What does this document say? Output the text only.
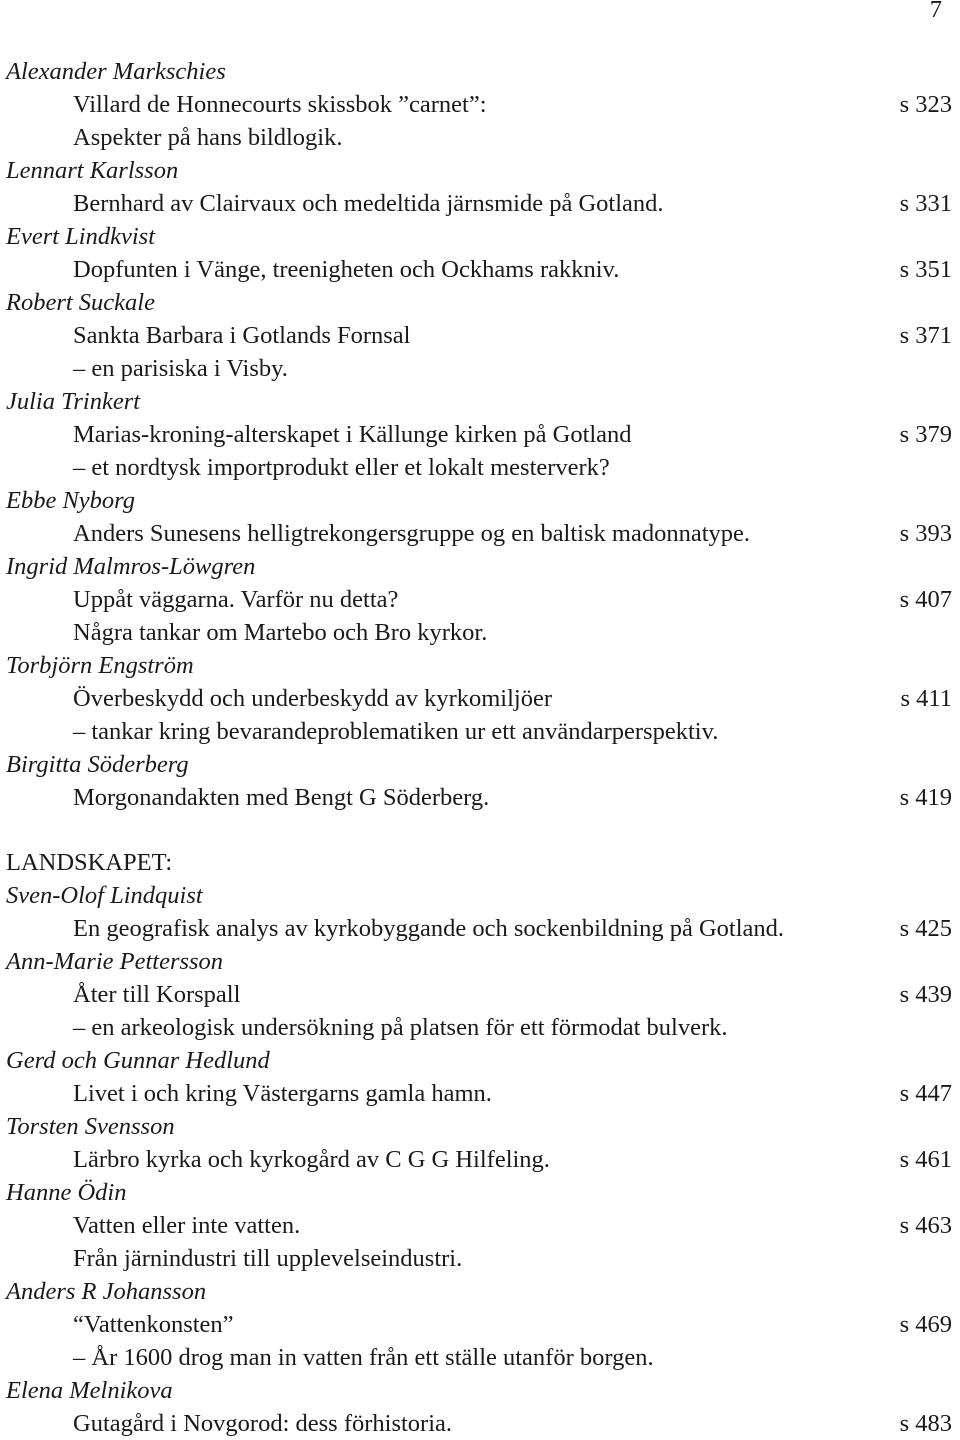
7
Alexander Markschies
Villard de Honnecourts skissbok ”carnet”:	s 323
Aspekter på hans bildlogik.
Lennart Karlsson
Bernhard av Clairvaux och medeltida järnsmide på Gotland.	s 331
Evert Lindkvist
Dopfunten i Vänge, treenigheten och Ockhams rakkniv.	s 351
Robert Suckale
Sankta Barbara i Gotlands Fornsal	s 371
– en parisiska i Visby.
Julia Trinkert
Marias-kroning-alterskapet i Källunge kirken på Gotland	s 379
– et nordtysk importprodukt eller et lokalt mesterverk?
Ebbe Nyborg
Anders Sunesens helligtrekongersgruppe og en baltisk madonnatype.	s 393
Ingrid Malmros-Löwgren
Uppåt väggarna. Varför nu detta?	s 407
Några tankar om Martebo och Bro kyrkor.
Torbjörn Engström
Överbeskydd och underbeskydd av kyrkomiljöer	s 411
– tankar kring bevarandeproblematiken ur ett användarperspektiv.
Birgitta Söderberg
Morgonandakten med Bengt G Söderberg.	s 419
LANDSKAPET:
Sven-Olof Lindquist
En geografisk analys av kyrkobyggande och sockenbildning på Gotland.	s 425
Ann-Marie Pettersson
Åter till Korspall	s 439
– en arkeologisk undersökning på platsen för ett förmodat bulverk.
Gerd och Gunnar Hedlund
Livet i och kring Västergarns gamla hamn.	s 447
Torsten Svensson
Lärbro kyrka och kyrkogård av C G G Hilfeling.	s 461
Hanne Ödin
Vatten eller inte vatten.	s 463
Från järnindustri till upplevelseindustri.
Anders R Johansson
“Vattenkonsten”	s 469
– År 1600 drog man in vatten från ett ställe utanför borgen.
Elena Melnikova
Gutagård i Novgorod: dess förhistoria.	s 483
